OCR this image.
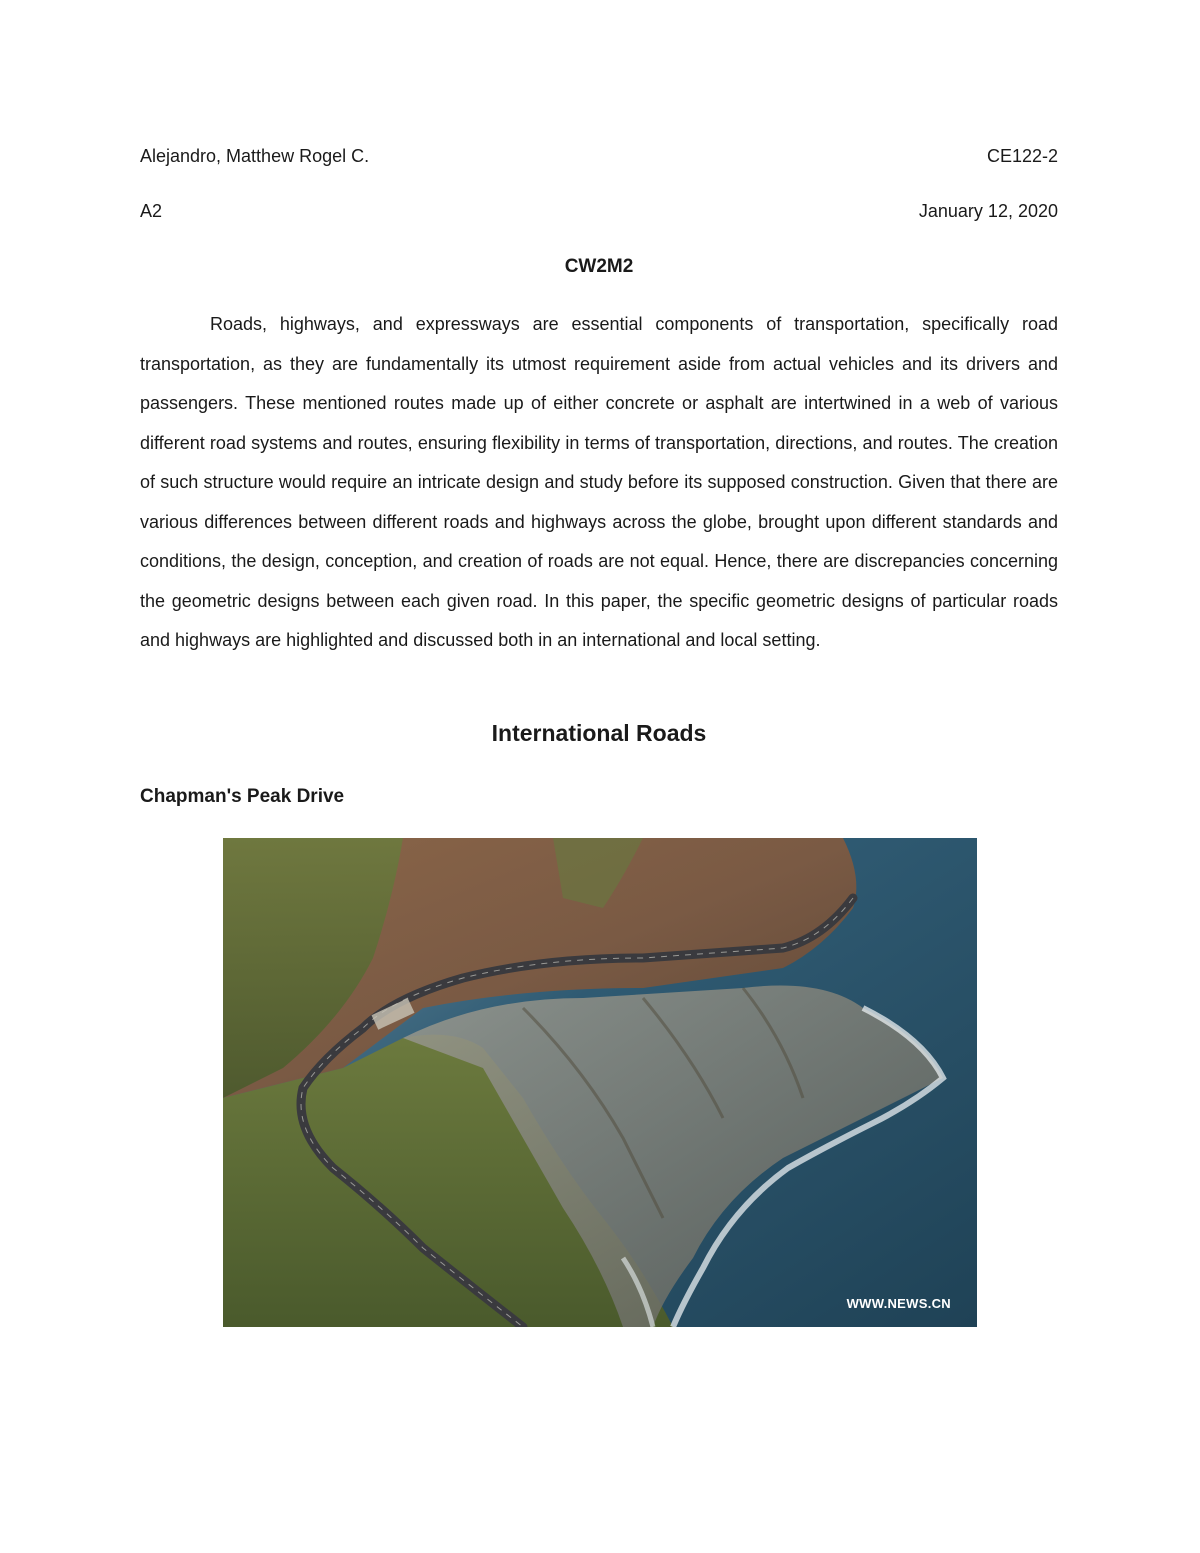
Alejandro, Matthew Rogel C.	CE122-2
A2	January 12, 2020
CW2M2

Roads, highways, and expressways are essential components of transportation, specifically road transportation, as they are fundamentally its utmost requirement aside from actual vehicles and its drivers and passengers. These mentioned routes made up of either concrete or asphalt are intertwined in a web of various different road systems and routes, ensuring flexibility in terms of transportation, directions, and routes. The creation of such structure would require an intricate design and study before its supposed construction. Given that there are various differences between different roads and highways across the globe, brought upon different standards and conditions, the design, conception, and creation of roads are not equal. Hence, there are discrepancies concerning the geometric designs between each given road. In this paper, the specific geometric designs of particular roads and highways are highlighted and discussed both in an international and local setting.

International Roads
Chapman's Peak Drive
WWW.NEWS.CN
